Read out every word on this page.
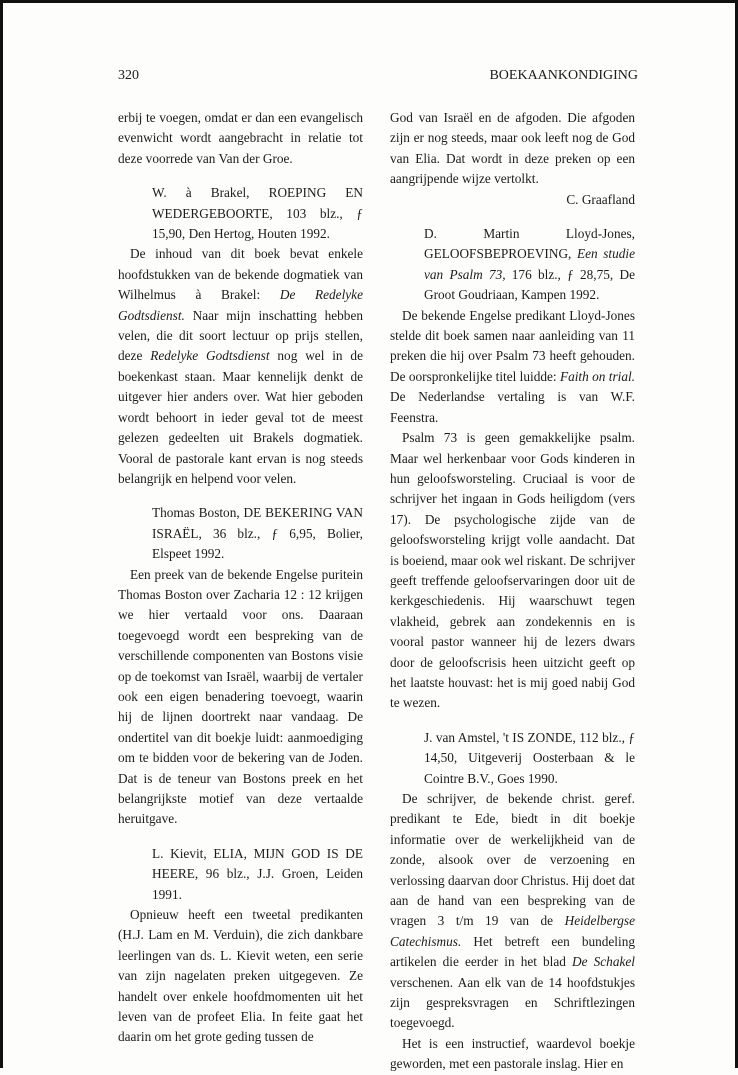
320	BOEKAANKONDIGING

erbij te voegen, omdat er dan een evangelisch evenwicht wordt aangebracht in relatie tot deze voorrede van Van der Groe.

W. à Brakel, ROEPING EN WEDERGEBOORTE, 103 blz., ƒ 15,90, Den Hertog, Houten 1992.

De inhoud van dit boek bevat enkele hoofdstukken van de bekende dogmatiek van Wilhelmus à Brakel: De Redelyke Godtsdienst. Naar mijn inschatting hebben velen, die dit soort lectuur op prijs stellen, deze Redelyke Godtsdienst nog wel in de boekenkast staan. Maar kennelijk denkt de uitgever hier anders over. Wat hier geboden wordt behoort in ieder geval tot de meest gelezen gedeelten uit Brakels dogmatiek. Vooral de pastorale kant ervan is nog steeds belangrijk en helpend voor velen.

Thomas Boston, DE BEKERING VAN ISRAËL, 36 blz., ƒ 6,95, Bolier, Elspeet 1992.

Een preek van de bekende Engelse puritein Thomas Boston over Zacharia 12 : 12 krijgen we hier vertaald voor ons. Daaraan toegevoegd wordt een bespreking van de verschillende componenten van Bostons visie op de toekomst van Israël, waarbij de vertaler ook een eigen benadering toevoegt, waarin hij de lijnen doortrekt naar vandaag. De ondertitel van dit boekje luidt: aanmoediging om te bidden voor de bekering van de Joden. Dat is de teneur van Bostons preek en het belangrijkste motief van deze vertaalde heruitgave.

L. Kievit, ELIA, MIJN GOD IS DE HEERE, 96 blz., J.J. Groen, Leiden 1991.

Opnieuw heeft een tweetal predikanten (H.J. Lam en M. Verduin), die zich dankbare leerlingen van ds. L. Kievit weten, een serie van zijn nagelaten preken uitgegeven. Ze handelt over enkele hoofdmomenten uit het leven van de profeet Elia. In feite gaat het daarin om het grote geding tussen de

God van Israël en de afgoden. Die afgoden zijn er nog steeds, maar ook leeft nog de God van Elia. Dat wordt in deze preken op een aangrijpende wijze vertolkt.

C. Graafland

D. Martin Lloyd-Jones, GELOOFSBEPROEVING, Een studie van Psalm 73, 176 blz., ƒ 28,75, De Groot Goudriaan, Kampen 1992.

De bekende Engelse predikant Lloyd-Jones stelde dit boek samen naar aanleiding van 11 preken die hij over Psalm 73 heeft gehouden. De oorspronkelijke titel luidde: Faith on trial. De Nederlandse vertaling is van W.F. Feenstra.

Psalm 73 is geen gemakkelijke psalm. Maar wel herkenbaar voor Gods kinderen in hun geloofsworsteling. Cruciaal is voor de schrijver het ingaan in Gods heiligdom (vers 17). De psychologische zijde van de geloofsworsteling krijgt volle aandacht. Dat is boeiend, maar ook wel riskant. De schrijver geeft treffende geloofservaringen door uit de kerkgeschiedenis. Hij waarschuwt tegen vlakheid, gebrek aan zondekennis en is vooral pastor wanneer hij de lezers dwars door de geloofscrisis heen uitzicht geeft op het laatste houvast: het is mij goed nabij God te wezen.

J. van Amstel, 't IS ZONDE, 112 blz., ƒ 14,50, Uitgeverij Oosterbaan & le Cointre B.V., Goes 1990.

De schrijver, de bekende christ. geref. predikant te Ede, biedt in dit boekje informatie over de werkelijkheid van de zonde, alsook over de verzoening en verlossing daarvan door Christus. Hij doet dat aan de hand van een bespreking van de vragen 3 t/m 19 van de Heidelbergse Catechismus. Het betreft een bundeling artikelen die eerder in het blad De Schakel verschenen. Aan elk van de 14 hoofdstukjes zijn gespreksvragen en Schriftlezingen toegevoegd.

Het is een instructief, waardevol boekje geworden, met een pastorale inslag. Hier en
